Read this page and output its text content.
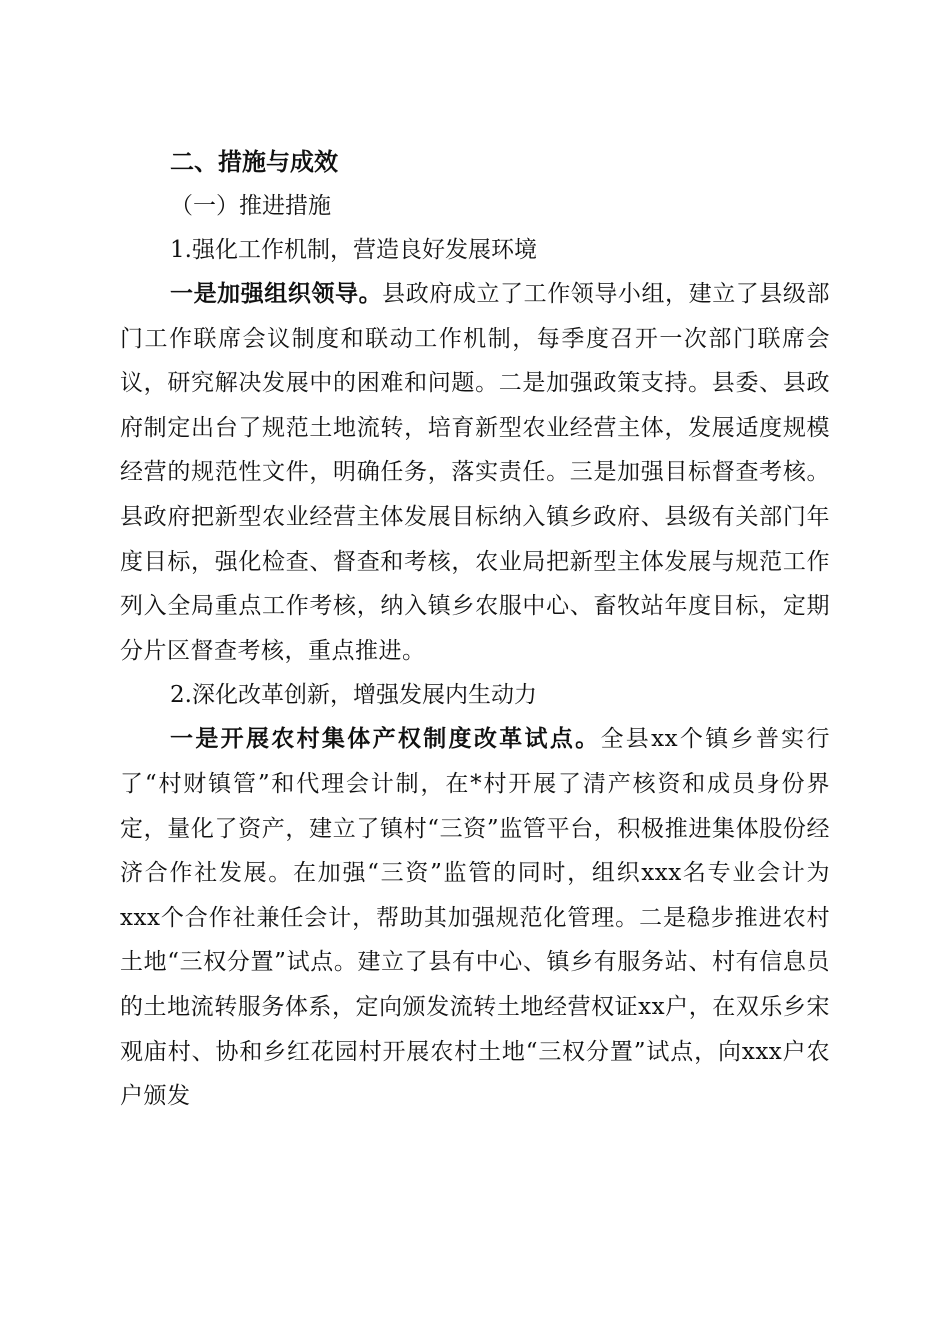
二、措施与成效

（一）推进措施

1.强化工作机制，营造良好发展环境

一是加强组织领导。县政府成立了工作领导小组，建立了县级部门工作联席会议制度和联动工作机制，每季度召开一次部门联席会议，研究解决发展中的困难和问题。二是加强政策支持。县委、县政府制定出台了规范土地流转，培育新型农业经营主体，发展适度规模经营的规范性文件，明确任务，落实责任。三是加强目标督查考核。县政府把新型农业经营主体发展目标纳入镇乡政府、县级有关部门年度目标，强化检查、督查和考核，农业局把新型主体发展与规范工作列入全局重点工作考核，纳入镇乡农服中心、畜牧站年度目标，定期分片区督查考核，重点推进。

2.深化改革创新，增强发展内生动力

一是开展农村集体产权制度改革试点。全县xx个镇乡普实行了“村财镇管”和代理会计制，在*村开展了清产核资和成员身份界定，量化了资产，建立了镇村“三资”监管平台，积极推进集体股份经济合作社发展。在加强“三资”监管的同时，组织xxx名专业会计为xxx个合作社兼任会计，帮助其加强规范化管理。二是稳步推进农村土地“三权分置”试点。建立了县有中心、镇乡有服务站、村有信息员的土地流转服务体系，定向颁发流转土地经营权证xx户，在双乐乡宋观庙村、协和乡红花园村开展农村土地“三权分置”试点，向xxx户农户颁发
